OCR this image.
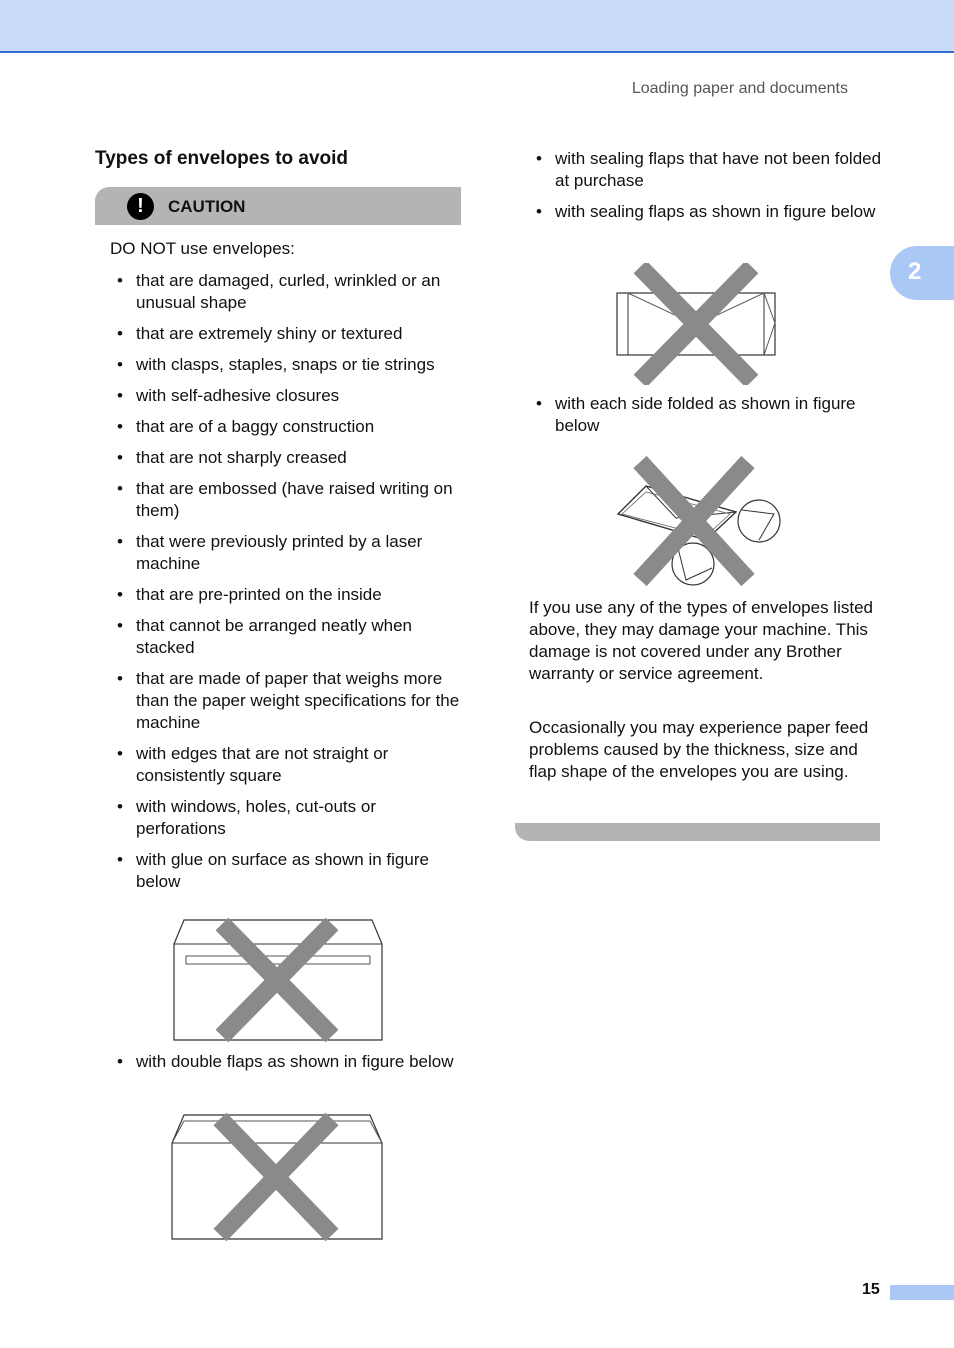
Loading paper and documents
2
Types of envelopes to avoid
!	CAUTION
DO NOT use envelopes:
• that are damaged, curled, wrinkled or an unusual shape
• that are extremely shiny or textured
• with clasps, staples, snaps or tie strings
• with self-adhesive closures
• that are of a baggy construction
• that are not sharply creased
• that are embossed (have raised writing on them)
• that were previously printed by a laser machine
• that are pre-printed on the inside
• that cannot be arranged neatly when stacked
• that are made of paper that weighs more than the paper weight specifications for the machine
• with edges that are not straight or consistently square
• with windows, holes, cut-outs or perforations
• with glue on surface as shown in figure below
• with double flaps as shown in figure below
• with sealing flaps that have not been folded at purchase
• with sealing flaps as shown in figure below
• with each side folded as shown in figure below

If you use any of the types of envelopes listed above, they may damage your machine. This damage is not covered under any Brother warranty or service agreement.

Occasionally you may experience paper feed problems caused by the thickness, size and flap shape of the envelopes you are using.

15
